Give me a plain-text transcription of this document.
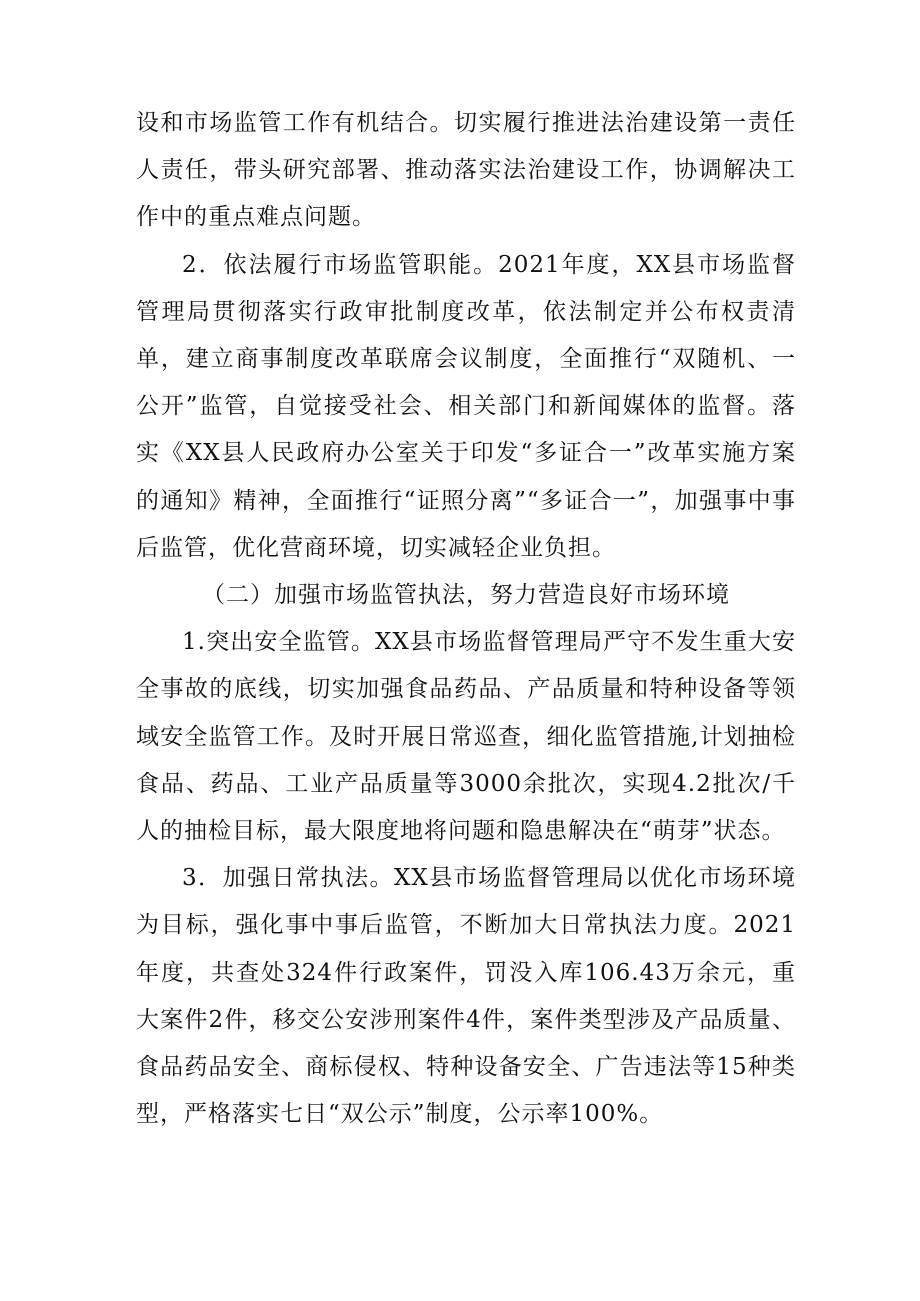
设和市场监管工作有机结合。切实履行推进法治建设第一责任人责任，带头研究部署、推动落实法治建设工作，协调解决工作中的重点难点问题。

2．依法履行市场监管职能。2021年度，XX县市场监督管理局贯彻落实行政审批制度改革，依法制定并公布权责清单，建立商事制度改革联席会议制度，全面推行“双随机、一公开”监管，自觉接受社会、相关部门和新闻媒体的监督。落实《XX县人民政府办公室关于印发“多证合一”改革实施方案的通知》精神，全面推行“证照分离”“多证合一”，加强事中事后监管，优化营商环境，切实减轻企业负担。

（二）加强市场监管执法，努力营造良好市场环境

1.突出安全监管。XX县市场监督管理局严守不发生重大安全事故的底线，切实加强食品药品、产品质量和特种设备等领域安全监管工作。及时开展日常巡查，细化监管措施,计划抽检食品、药品、工业产品质量等3000余批次，实现4.2批次/千人的抽检目标，最大限度地将问题和隐患解决在“萌芽”状态。

3．加强日常执法。XX县市场监督管理局以优化市场环境为目标，强化事中事后监管，不断加大日常执法力度。2021年度，共查处324件行政案件，罚没入库106.43万余元，重大案件2件，移交公安涉刑案件4件，案件类型涉及产品质量、食品药品安全、商标侵权、特种设备安全、广告违法等15种类型，严格落实七日“双公示”制度，公示率100%。
